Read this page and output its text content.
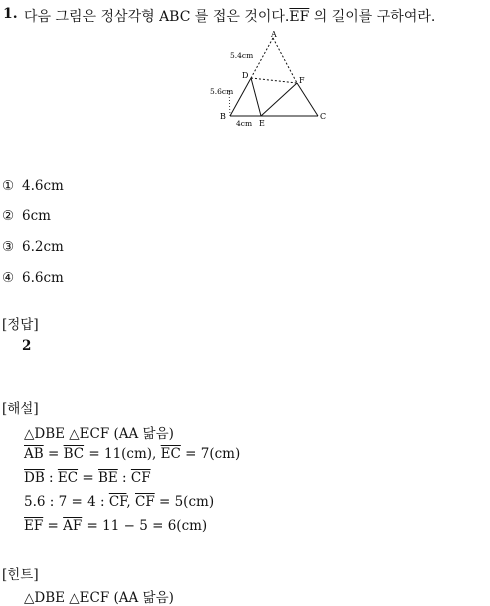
1. 다음 그림은 정삼각형 ABC 를 접은 것이다$.\overline{EF}$ 의 길이를 구하여라.
A
B	C
D
E
F
5.4cm
5.6cm
4cm
① 4.6cm
② 6cm
③ 6.2cm
④ 6.6cm
[정답]
2
[해설]
△DBE △ECF (AA 닮음)
$\overline{AB} = \overline{BC} = 11(cm)$, $\overline{EC} = 7(cm)$
$\overline{DB}$ : $\overline{EC} = \overline{BE}$ : $\overline{CF}$
5.6 : 7 = 4 : $\overline{CF}$, $\overline{CF} = 5(cm)$
$\overline{EF} = \overline{AF} = 11 - 5 = 6(cm)$
[힌트]
△DBE △ECF (AA 닮음)
